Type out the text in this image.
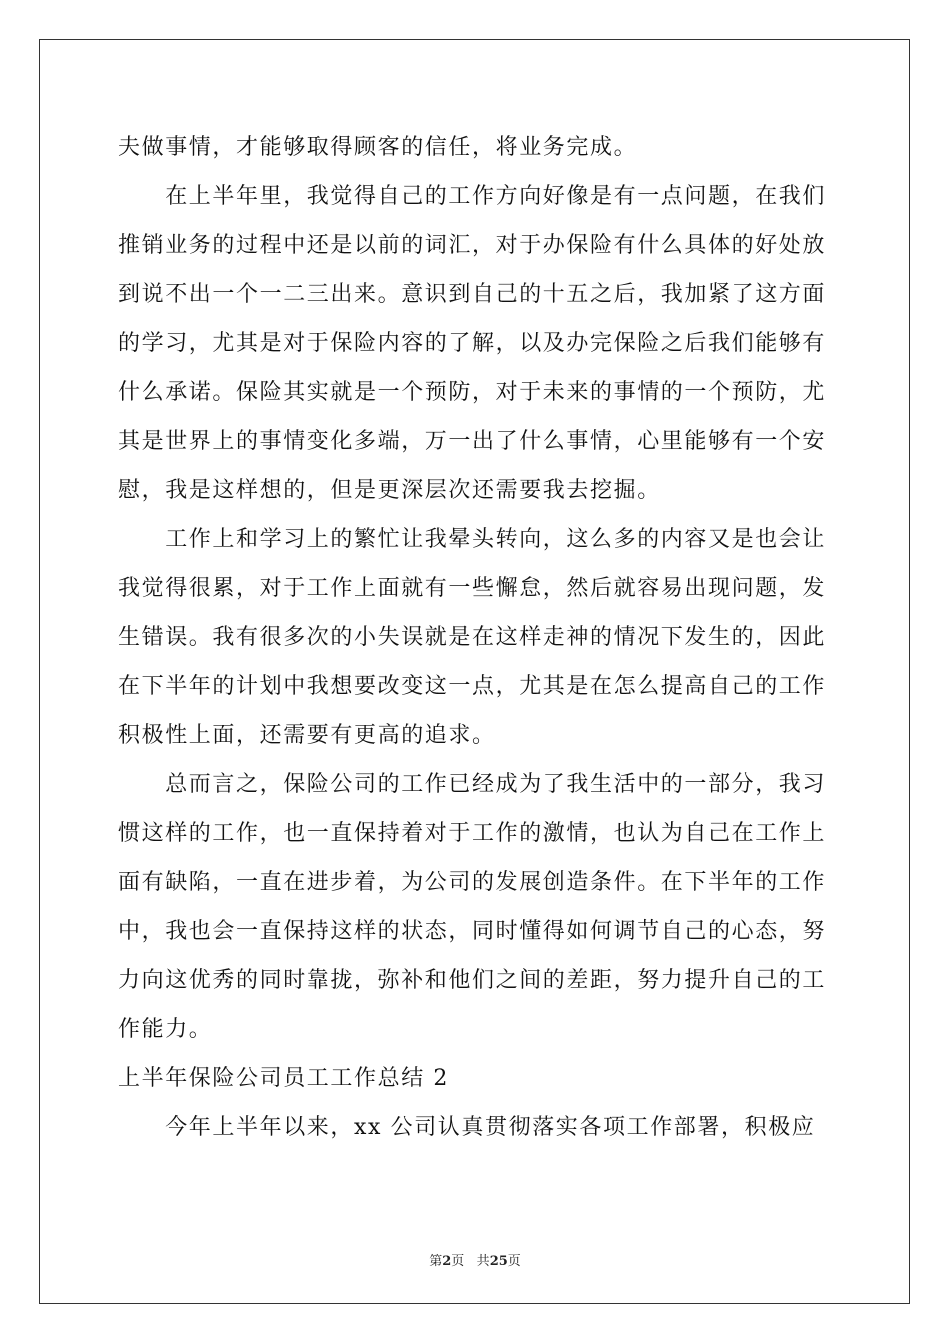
夫做事情，才能够取得顾客的信任，将业务完成。
　　在上半年里，我觉得自己的工作方向好像是有一点问题，在我们
推销业务的过程中还是以前的词汇，对于办保险有什么具体的好处放
到说不出一个一二三出来。意识到自己的十五之后，我加紧了这方面
的学习，尤其是对于保险内容的了解，以及办完保险之后我们能够有
什么承诺。保险其实就是一个预防，对于未来的事情的一个预防，尤
其是世界上的事情变化多端，万一出了什么事情，心里能够有一个安
慰，我是这样想的，但是更深层次还需要我去挖掘。
　　工作上和学习上的繁忙让我晕头转向，这么多的内容又是也会让
我觉得很累，对于工作上面就有一些懈怠，然后就容易出现问题，发
生错误。我有很多次的小失误就是在这样走神的情况下发生的，因此
在下半年的计划中我想要改变这一点，尤其是在怎么提高自己的工作
积极性上面，还需要有更高的追求。
　　总而言之，保险公司的工作已经成为了我生活中的一部分，我习
惯这样的工作，也一直保持着对于工作的激情，也认为自己在工作上
面有缺陷，一直在进步着，为公司的发展创造条件。在下半年的工作
中，我也会一直保持这样的状态，同时懂得如何调节自己的心态，努
力向这优秀的同时靠拢，弥补和他们之间的差距，努力提升自己的工
作能力。
上半年保险公司员工工作总结 2
　　今年上半年以来，xx 公司认真贯彻落实各项工作部署，积极应
第2页 共25页
